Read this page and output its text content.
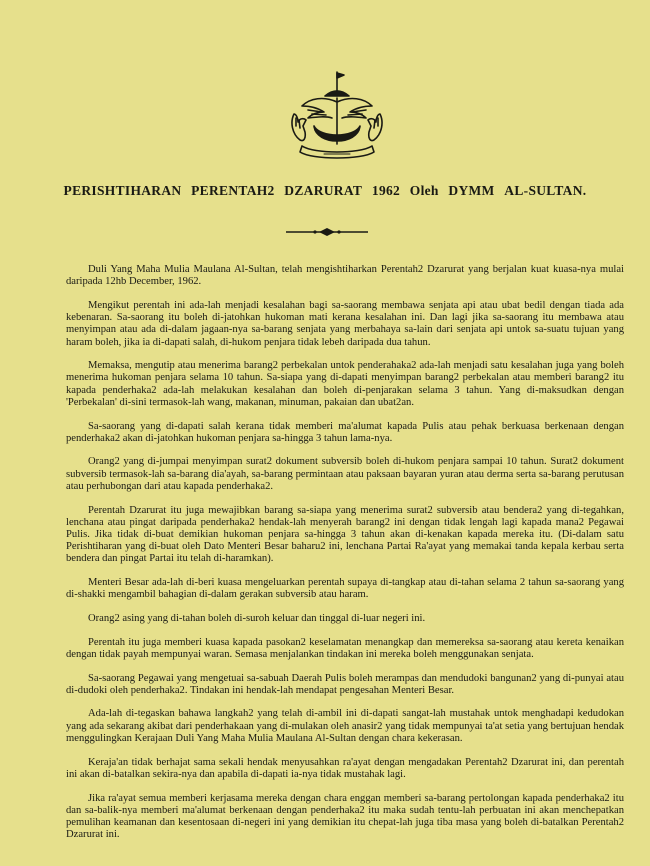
PERISHTIHARAN PERENTAH2 DZARURAT 1962 Oleh DYMM AL-SULTAN.

Duli Yang Maha Mulia Maulana Al-Sultan, telah mengishtiharkan Perentah2 Dzarurat yang berjalan kuat kuasa-nya mulai daripada 12hb December, 1962.

Mengikut perentah ini ada-lah menjadi kesalahan bagi sa-saorang membawa senjata api atau ubat bedil dengan tiada ada kebenaran. Sa-saorang itu boleh di-jatohkan hukoman mati kerana kesalahan ini. Dan lagi jika sa-saorang itu membawa atau menyimpan atau ada di-dalam jagaan-nya sa-barang senjata yang merbahaya sa-lain dari senjata api untok sa-suatu tujuan yang haram boleh, jika ia di-dapati salah, di-hukom penjara tidak lebeh daripada dua tahun.

Memaksa, mengutip atau menerima barang2 perbekalan untok penderahaka2 ada-lah menjadi satu kesalahan juga yang boleh menerima hukoman penjara selama 10 tahun. Sa-siapa yang di-dapati menyimpan barang2 perbekalan atau memberi barang2 itu kapada penderhaka2 ada-lah melakukan kesalahan dan boleh di-penjarakan selama 3 tahun. Yang di-maksudkan dengan 'Perbekalan' di-sini termasok-lah wang, makanan, minuman, pakaian dan ubat2an.

Sa-saorang yang di-dapati salah kerana tidak memberi ma'alumat kapada Pulis atau pehak berkuasa berkenaan dengan penderhaka2 akan di-jatohkan hukoman penjara sa-hingga 3 tahun lama-nya.

Orang2 yang di-jumpai menyimpan surat2 dokument subversib boleh di-hukom penjara sampai 10 tahun. Surat2 dokument subversib termasok-lah sa-barang dia'ayah, sa-barang permintaan atau paksaan bayaran yuran atau derma serta sa-barang perutusan atau perhubongan dari atau kapada penderhaka2.

Perentah Dzarurat itu juga mewajibkan barang sa-siapa yang menerima surat2 subversib atau bendera2 yang di-tegahkan, lenchana atau pingat daripada penderhaka2 hendak-lah menyerah barang2 ini dengan tidak lengah lagi kapada mana2 Pegawai Pulis. Jika tidak di-buat demikian hukoman penjara sa-hingga 3 tahun akan di-kenakan kapada mereka itu. (Di-dalam satu Perishtiharan yang di-buat oleh Dato Menteri Besar baharu2 ini, lenchana Partai Ra'ayat yang memakai tanda kepala kerbau serta bendera dan pingat Partai itu telah di-haramkan).

Menteri Besar ada-lah di-beri kuasa mengeluarkan perentah supaya di-tangkap atau di-tahan selama 2 tahun sa-saorang yang di-shakki mengambil bahagian di-dalam gerakan subversib atau haram.

Orang2 asing yang di-tahan boleh di-suroh keluar dan tinggal di-luar negeri ini.

Perentah itu juga memberi kuasa kapada pasokan2 keselamatan menangkap dan memereksa sa-saorang atau kereta kenaikan dengan tidak payah mempunyai waran. Semasa menjalankan tindakan ini mereka boleh menggunakan senjata.

Sa-saorang Pegawai yang mengetuai sa-sabuah Daerah Pulis boleh merampas dan mendudoki bangunan2 yang di-punyai atau di-dudoki oleh penderhaka2. Tindakan ini hendak-lah mendapat pengesahan Menteri Besar.

Ada-lah di-tegaskan bahawa langkah2 yang telah di-ambil ini di-dapati sangat-lah mustahak untok menghadapi kedudokan yang ada sekarang akibat dari penderhakaan yang di-mulakan oleh anasir2 yang tidak mempunyai ta'at setia yang bertujuan hendak menggulingkan Kerajaan Duli Yang Maha Mulia Maulana Al-Sultan dengan chara kekerasan.

Keraja'an tidak berhajat sama sekali hendak menyusahkan ra'ayat dengan mengadakan Perentah2 Dzarurat ini, dan perentah ini akan di-batalkan sekira-nya dan apabila di-dapati ia-nya tidak mustahak lagi.

Jika ra'ayat semua memberi kerjasama mereka dengan chara enggan memberi sa-barang pertolongan kapada penderhaka2 itu dan sa-balik-nya memberi ma'alumat berkenaan dengan penderhaka2 itu maka sudah tentu-lah perbuatan ini akan menchepatkan pemulihan keamanan dan kesentosaan di-negeri ini yang demikian itu chepat-lah juga tiba masa yang boleh di-batalkan Perentah2 Dzarurat ini.
